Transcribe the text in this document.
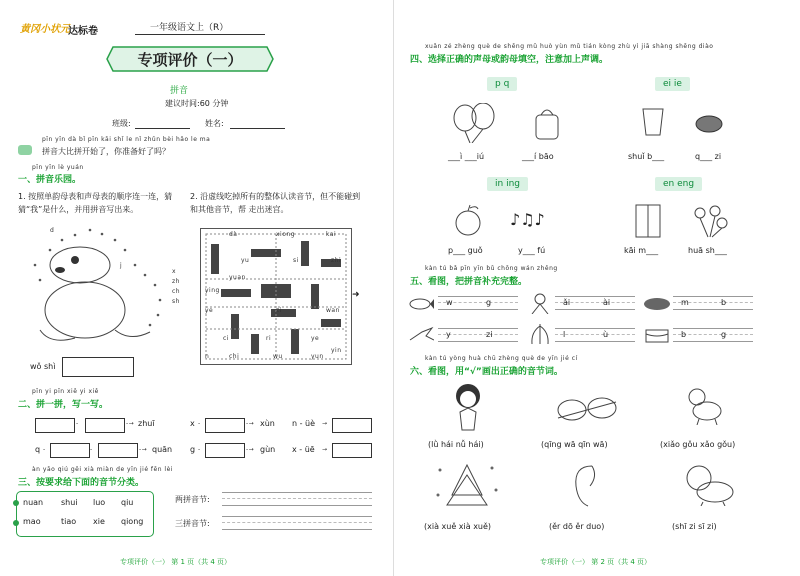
黄冈小状元
达标卷	一年级语文上（R）
专项评价（一）
拼音
建议时间:60 分钟
班级:	姓名:
pīn yīn dà bǐ pīn kāi shǐ le nǐ zhǔn bèi hǎo le ma
拼音大比拼开始了，你准备好了吗？
pīn yīn lè yuán
一、拼音乐园。
1. 按照单韵母表和声母表的顺序连一连，猜猜“我”是什么，并用拼音写出来。
2. 沿虚线吃掉所有的整体认读音节，但不能碰到和其他音节，帮 走出迷宫。
d
j
x
zh
ch
sh
wǒ shì
dà	xiong	kai
yu	si	zhi
yuan
ying
ye	zi	wan
ci	ri	ye
yin
n	chi	wu	yun
➜
pīn yi pīn xiě yi xiě
二、拼一拼，写一写。
-	-→ zhuī	x -	-→ xùn n - üè →
q -	-	-→ quān g -	-→ gùn x - üē →
àn yāo qiú gěi xià miàn de yīn jié fēn lèi
三、按要求给下面的音节分类。
nuan shui luo qiu
mao	tiao xie qiong
两拼音节:
三拼音节:
专项评价（一） 第 1 页（共 4 页）
xuǎn zé zhèng què de shēng mǔ huò yùn mǔ tián kòng zhù yì jiā shàng shēng diào
四、选择正确的声母或韵母填空，注意加上声调。
p q	ei ie
___ì ___iú	___í bāo	shuǐ b___	q___ zi
in ing	en eng
♪♫♪
p___ guǒ	y___ fú	kāi m___	huā sh___
kàn tú bǎ pīn yīn bǔ chōng wán zhěng
五、看图，把拼音补充完整。
w	g	ǎi	ài	m	b
y	zi	l	ù	b	g
kàn tú yòng huà chū zhèng què de yīn jié cí
六、看图，用“√”画出正确的音节词。
(lǜ hái nǚ hái)	(qīng wā qīn wā)	(xiǎo gǒu xǎo gǒu)
(xià xuě xià xuě)	(ěr dō ěr duo)	(shī zi sī zi)
专项评价（一） 第 2 页（共 4 页）
